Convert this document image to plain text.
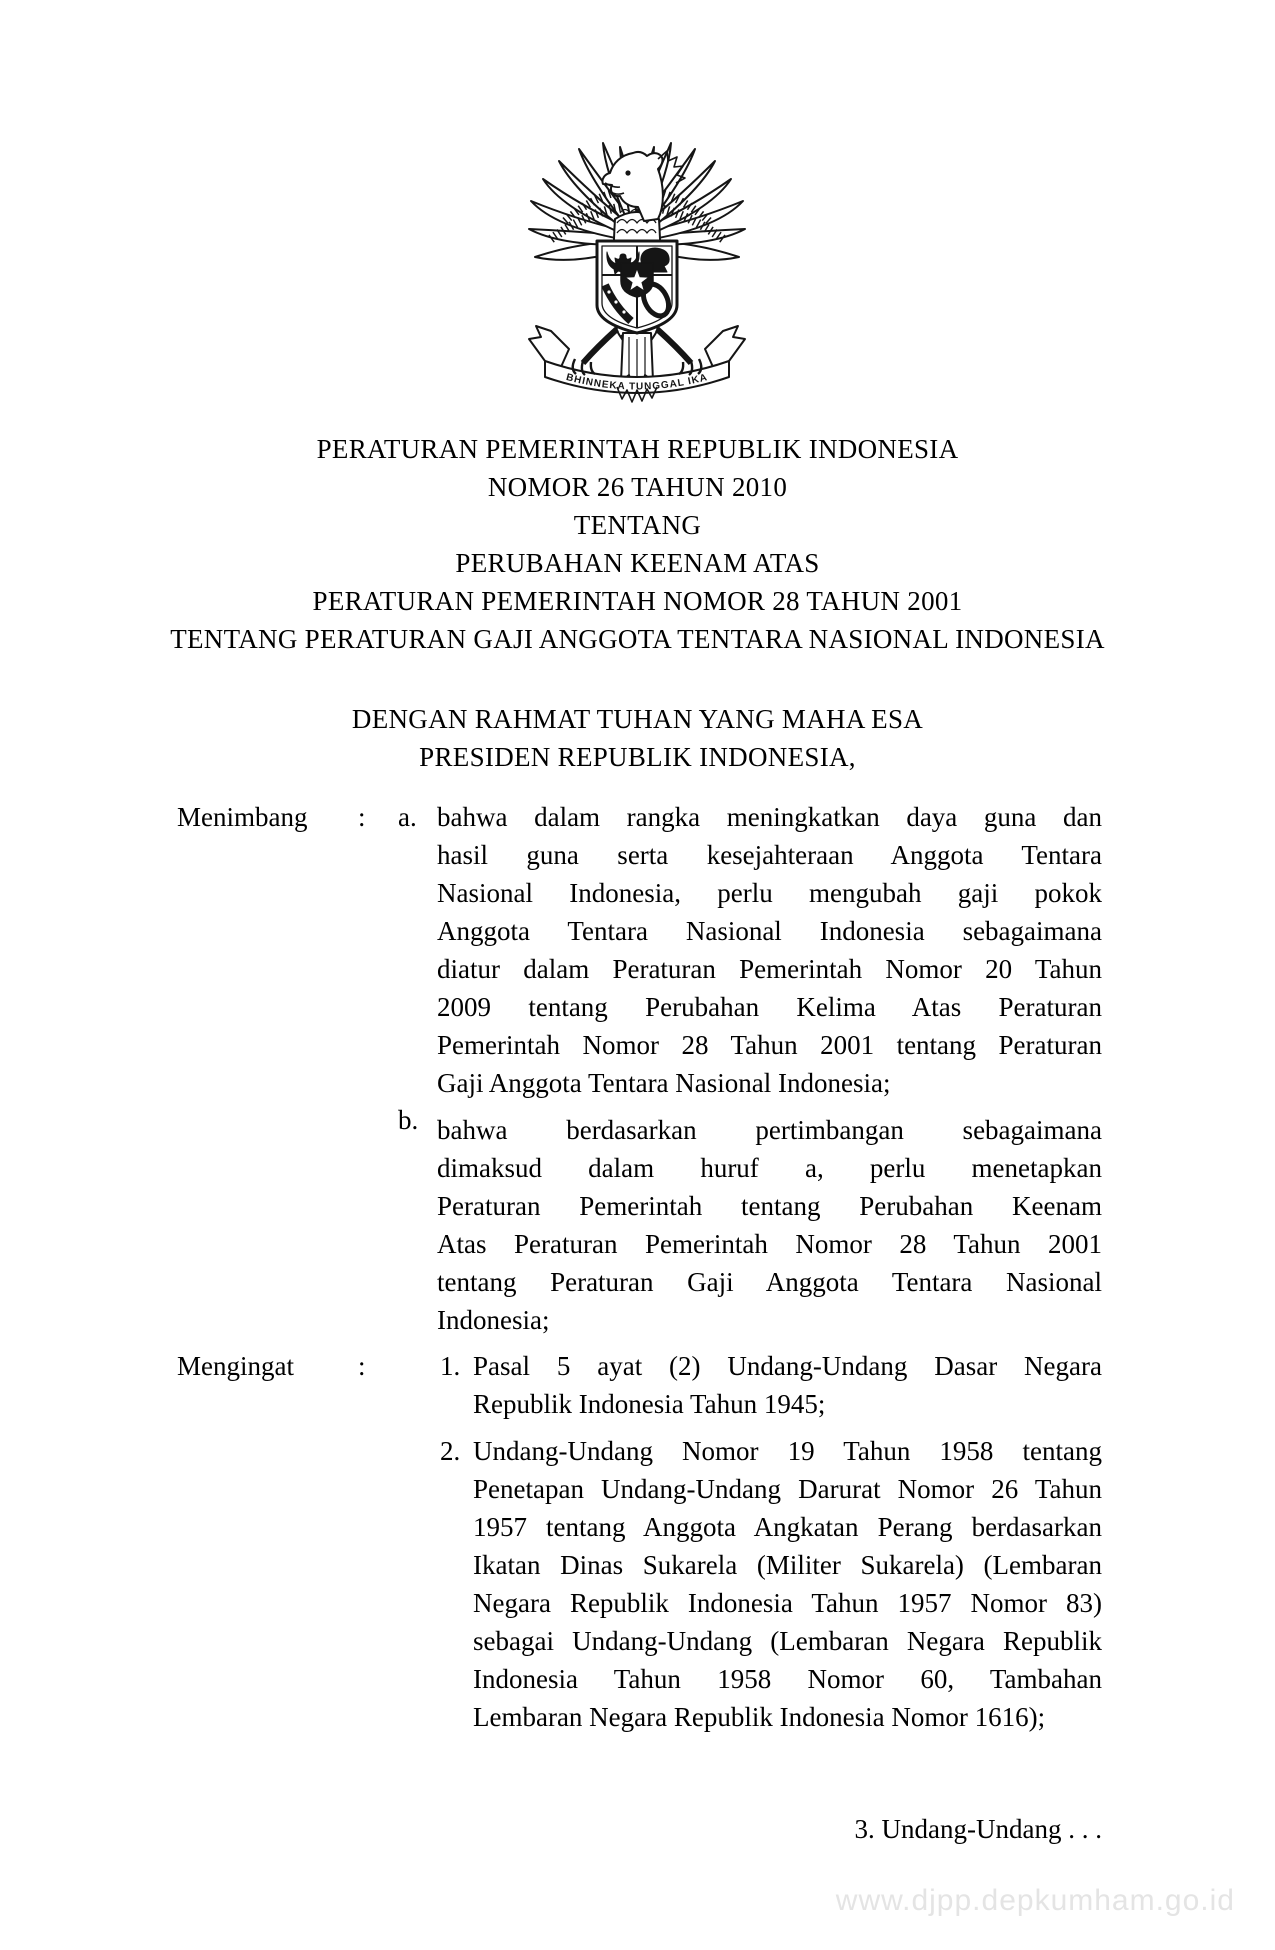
BHINNEKA TUNGGAL IKA
PERATURAN PEMERINTAH REPUBLIK INDONESIA
NOMOR 26 TAHUN 2010
TENTANG
PERUBAHAN KEENAM ATAS
PERATURAN PEMERINTAH NOMOR 28 TAHUN 2001
TENTANG PERATURAN GAJI ANGGOTA TENTARA NASIONAL INDONESIA
DENGAN RAHMAT TUHAN YANG MAHA ESA
PRESIDEN REPUBLIK INDONESIA,
Menimbang	:	a. bahwa dalam rangka meningkatkan daya guna dan
hasil guna serta kesejahteraan Anggota Tentara
Nasional Indonesia, perlu mengubah gaji pokok
Anggota Tentara Nasional Indonesia sebagaimana
diatur dalam Peraturan Pemerintah Nomor 20 Tahun
2009 tentang Perubahan Kelima Atas Peraturan
Pemerintah Nomor 28 Tahun 2001 tentang Peraturan
Gaji Anggota Tentara Nasional Indonesia;
b. bahwa berdasarkan pertimbangan sebagaimana
dimaksud dalam huruf a, perlu menetapkan
Peraturan Pemerintah tentang Perubahan Keenam
Atas Peraturan Pemerintah Nomor 28 Tahun 2001
tentang Peraturan Gaji Anggota Tentara Nasional
Indonesia;
Mengingat	:	1. Pasal 5 ayat (2) Undang-Undang Dasar Negara
Republik Indonesia Tahun 1945;
2. Undang-Undang Nomor 19 Tahun 1958 tentang
Penetapan Undang-Undang Darurat Nomor 26 Tahun
1957 tentang Anggota Angkatan Perang berdasarkan
Ikatan Dinas Sukarela (Militer Sukarela) (Lembaran
Negara Republik Indonesia Tahun 1957 Nomor 83)
sebagai Undang-Undang (Lembaran Negara Republik
Indonesia Tahun 1958 Nomor 60, Tambahan
Lembaran Negara Republik Indonesia Nomor 1616);
3. Undang-Undang . . .
www.djpp.depkumham.go.id
